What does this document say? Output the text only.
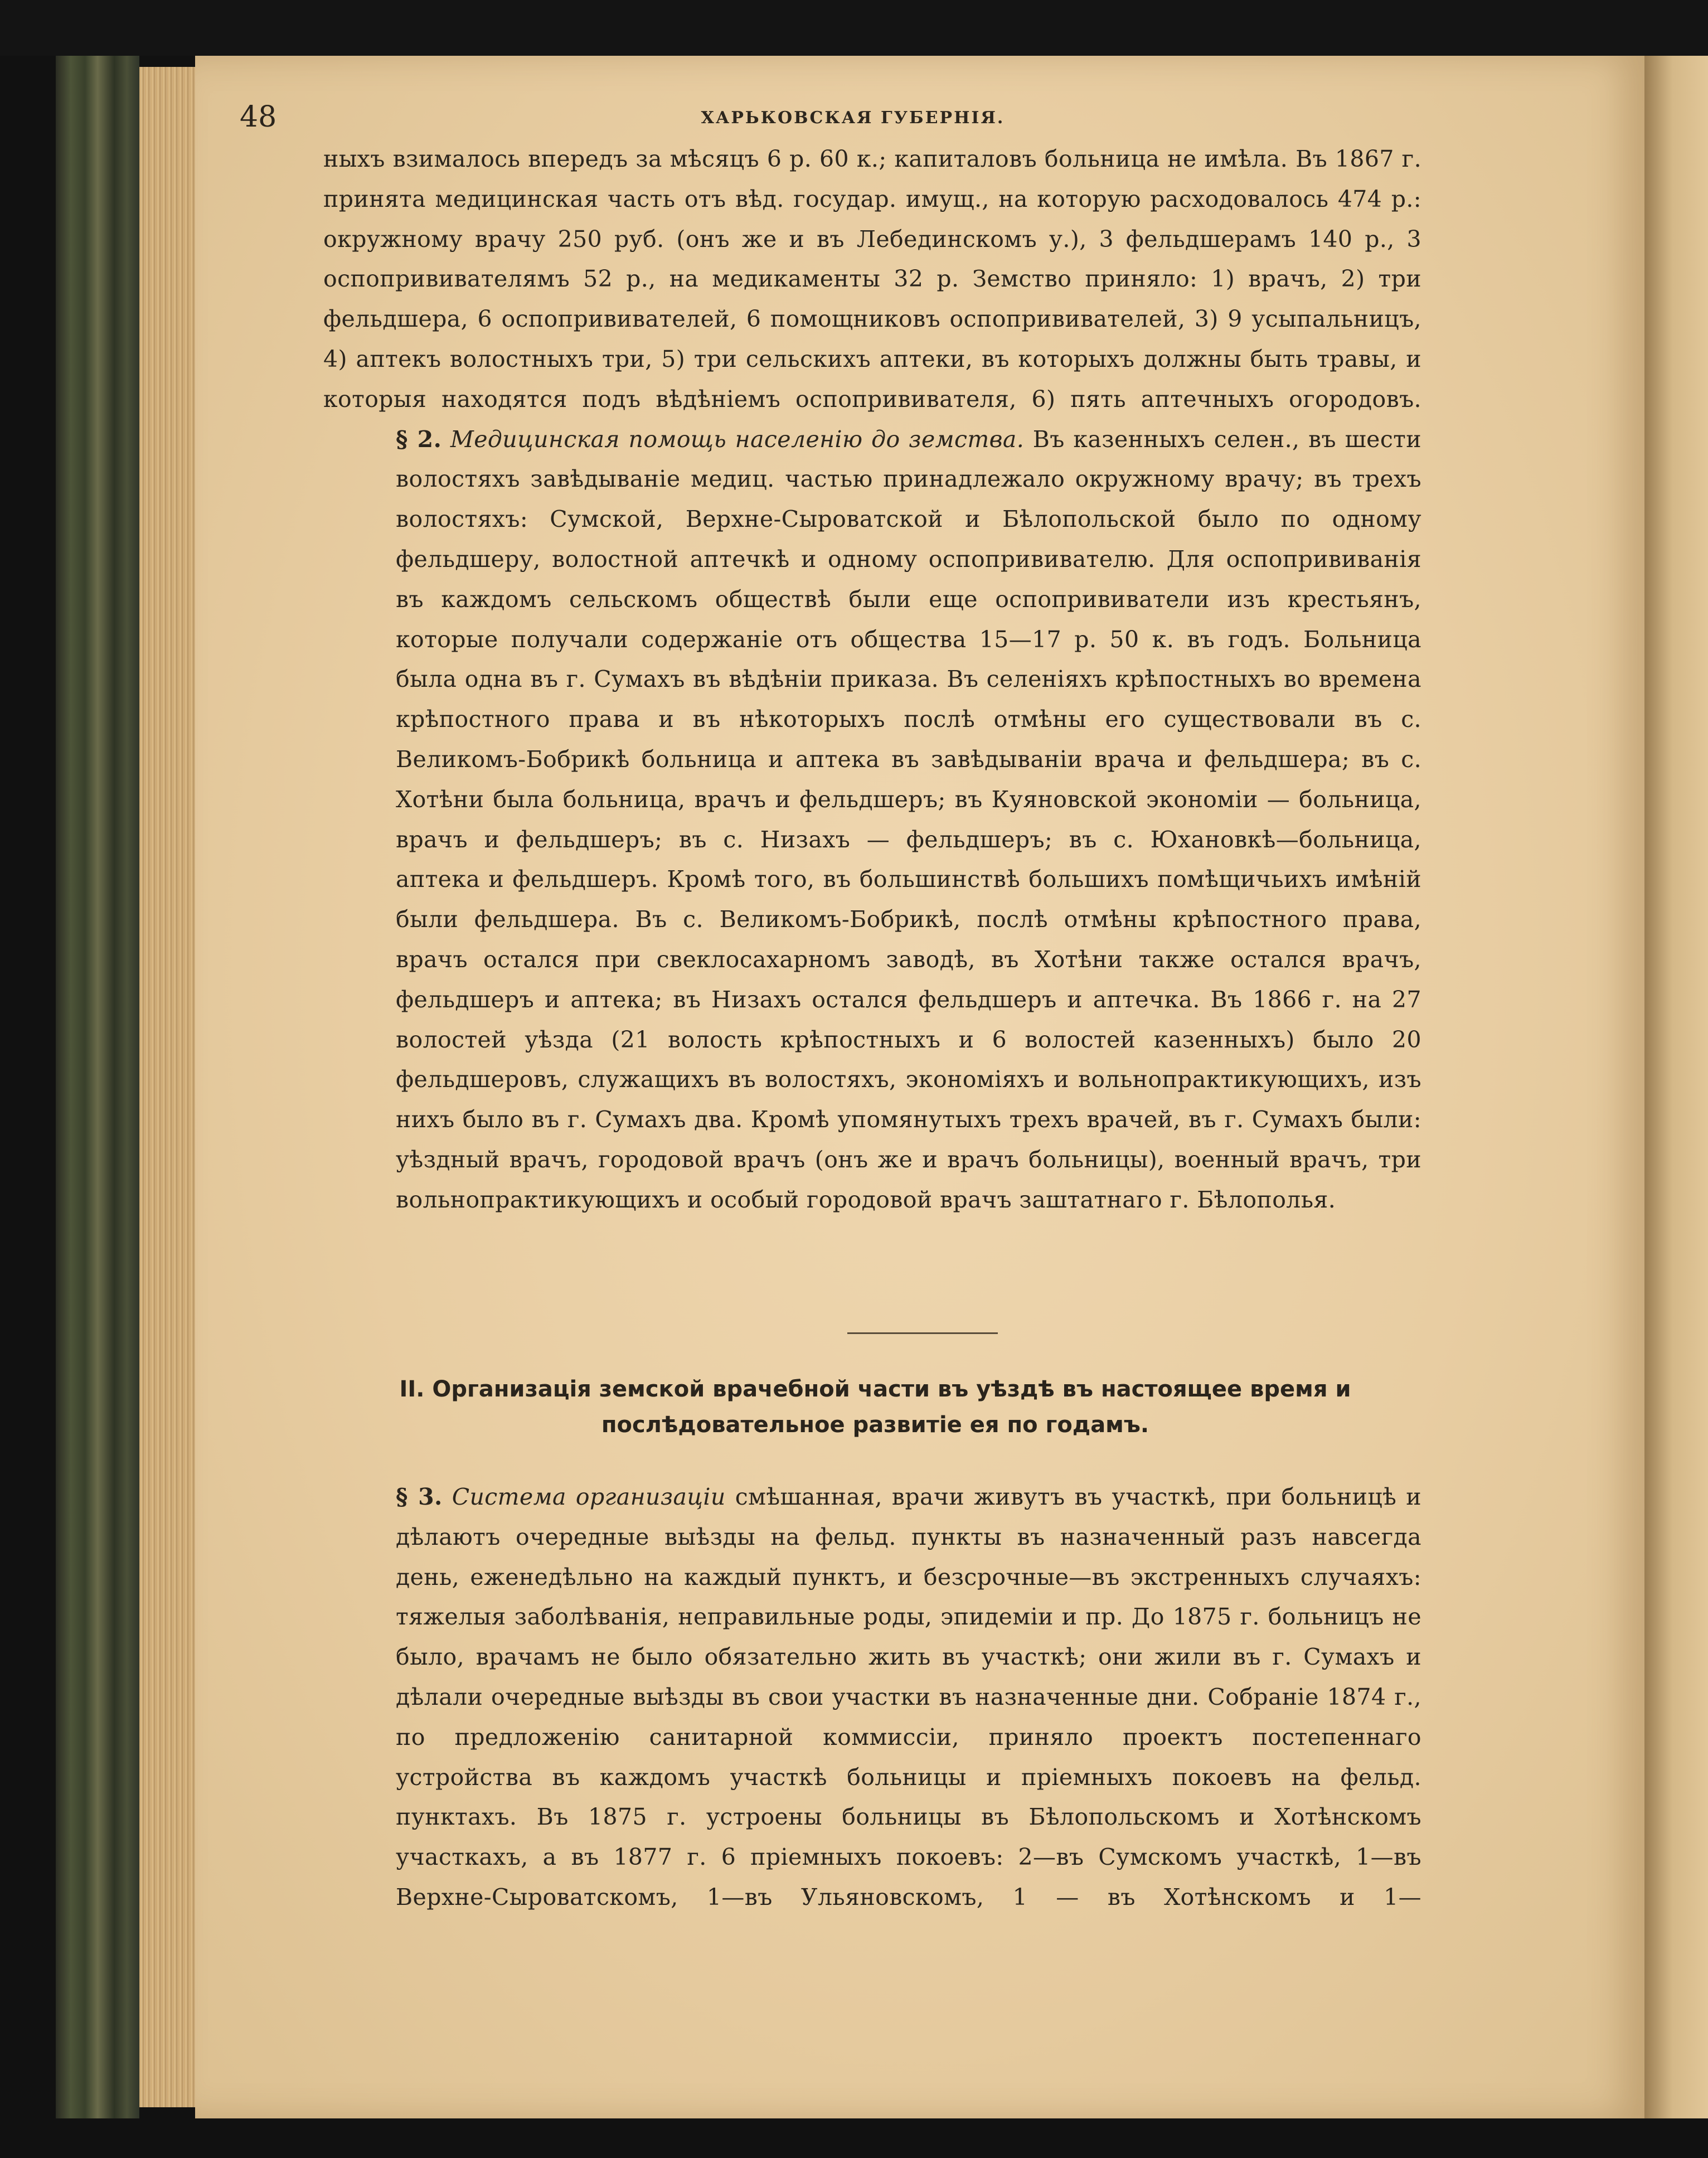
48	ХАРЬКОВСКАЯ ГУБЕРНІЯ.

ныхъ взималось впередъ за мѣсяцъ 6 р. 60 к.; капиталовъ больница не имѣла. Въ 1867 г. принята медицинская часть отъ вѣд. государ. имущ., на которую расходовалось 474 р.: окружному врачу 250 руб. (онъ же и въ Лебединскомъ у.), 3 фельдшерамъ 140 р., 3 оспопрививателямъ 52 р., на медикаменты 32 р. Земство приняло: 1) врачъ, 2) три фельдшера, 6 оспопрививателей, 6 помощниковъ оспопрививателей, 3) 9 усыпальницъ, 4) аптекъ волостныхъ три, 5) три сельскихъ аптеки, въ которыхъ должны быть травы, и которыя находятся подъ вѣдѣніемъ оспопрививателя, 6) пять аптечныхъ огородовъ.

§ 2. Медицинская помощь населенію до земства. Въ казенныхъ селен., въ шести волостяхъ завѣдываніе медиц. частью принадлежало окружному врачу; въ трехъ волостяхъ: Сумской, Верхне-Сыроватской и Бѣлопольской было по одному фельдшеру, волостной аптечкѣ и одному оспопрививателю. Для оспопрививанія въ каждомъ сельскомъ обществѣ были еще оспопрививатели изъ крестьянъ, которые получали содержаніе отъ общества 15—17 р. 50 к. въ годъ. Больница была одна въ г. Сумахъ въ вѣдѣніи приказа. Въ селеніяхъ крѣпостныхъ во времена крѣпостного права и въ нѣкоторыхъ послѣ отмѣны его существовали въ с. Великомъ-Бобрикѣ больница и аптека въ завѣдываніи врача и фельдшера; въ с. Хотѣни была больница, врачъ и фельдшеръ; въ Куяновской экономіи — больница, врачъ и фельдшеръ; въ с. Низахъ — фельдшеръ; въ с. Юхановкѣ—больница, аптека и фельдшеръ. Кромѣ того, въ большинствѣ большихъ помѣщичьихъ имѣній были фельдшера. Въ с. Великомъ-Бобрикѣ, послѣ отмѣны крѣпостного права, врачъ остался при свеклосахарномъ заводѣ, въ Хотѣни также остался врачъ, фельдшеръ и аптека; въ Низахъ остался фельдшеръ и аптечка. Въ 1866 г. на 27 волостей уѣзда (21 волость крѣпостныхъ и 6 волостей казенныхъ) было 20 фельдшеровъ, служащихъ въ волостяхъ, экономіяхъ и вольнопрактикующихъ, изъ нихъ было въ г. Сумахъ два. Кромѣ упомянутыхъ трехъ врачей, въ г. Сумахъ были: уѣздный врачъ, городовой врачъ (онъ же и врачъ больницы), военный врачъ, три вольнопрактикующихъ и особый городовой врачъ заштатнаго г. Бѣлополья.

II. Организація земской врачебной части въ уѣздѣ въ настоящее время и
послѣдовательное развитіе ея по годамъ.

§ 3. Система организаціи смѣшанная, врачи живутъ въ участкѣ, при больницѣ и дѣлаютъ очередные выѣзды на фельд. пункты въ назначенный разъ навсегда день, еженедѣльно на каждый пунктъ, и безсрочные—въ экстренныхъ случаяхъ: тяжелыя заболѣванія, неправильные роды, эпидеміи и пр. До 1875 г. больницъ не было, врачамъ не было обязательно жить въ участкѣ; они жили въ г. Сумахъ и дѣлали очередные выѣзды въ свои участки въ назначенные дни. Собраніе 1874 г., по предложенію санитарной коммиссіи, приняло проектъ постепеннаго устройства въ каждомъ участкѣ больницы и пріемныхъ покоевъ на фельд. пунктахъ. Въ 1875 г. устроены больницы въ Бѣлопольскомъ и Хотѣнскомъ участкахъ, а въ 1877 г. 6 пріемныхъ покоевъ: 2—въ Сумскомъ участкѣ, 1—въ Верхне-Сыроватскомъ, 1—въ Ульяновскомъ, 1 — въ Хотѣнскомъ и 1—
